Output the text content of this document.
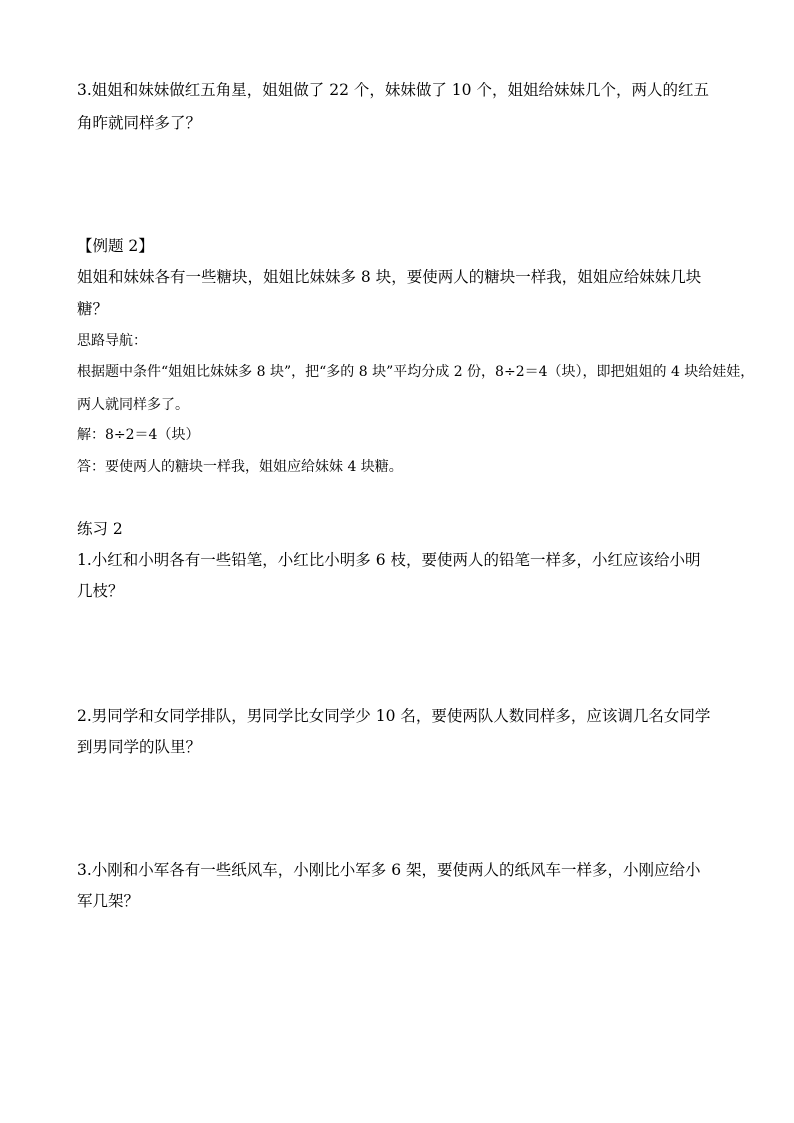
3.姐姐和妹妹做红五角星，姐姐做了 22 个，妹妹做了 10 个，姐姐给妹妹几个，两人的红五
角昨就同样多了？
【例题 2】
姐姐和妹妹各有一些糖块，姐姐比妹妹多 8 块，要使两人的糖块一样我，姐姐应给妹妹几块
糖？
思路导航：
根据题中条件“姐姐比妹妹多 8 块”，把“多的 8 块”平均分成 2 份，8÷2＝4（块），即把姐姐的 4 块给娃娃，
两人就同样多了。
解：8÷2＝4（块）
答：要使两人的糖块一样我，姐姐应给妹妹 4 块糖。
练习 2
1.小红和小明各有一些铅笔，小红比小明多 6 枝，要使两人的铅笔一样多，小红应该给小明
几枝？
2.男同学和女同学排队，男同学比女同学少 10 名，要使两队人数同样多，应该调几名女同学
到男同学的队里？
3.小刚和小军各有一些纸风车，小刚比小军多 6 架，要使两人的纸风车一样多，小刚应给小
军几架？
